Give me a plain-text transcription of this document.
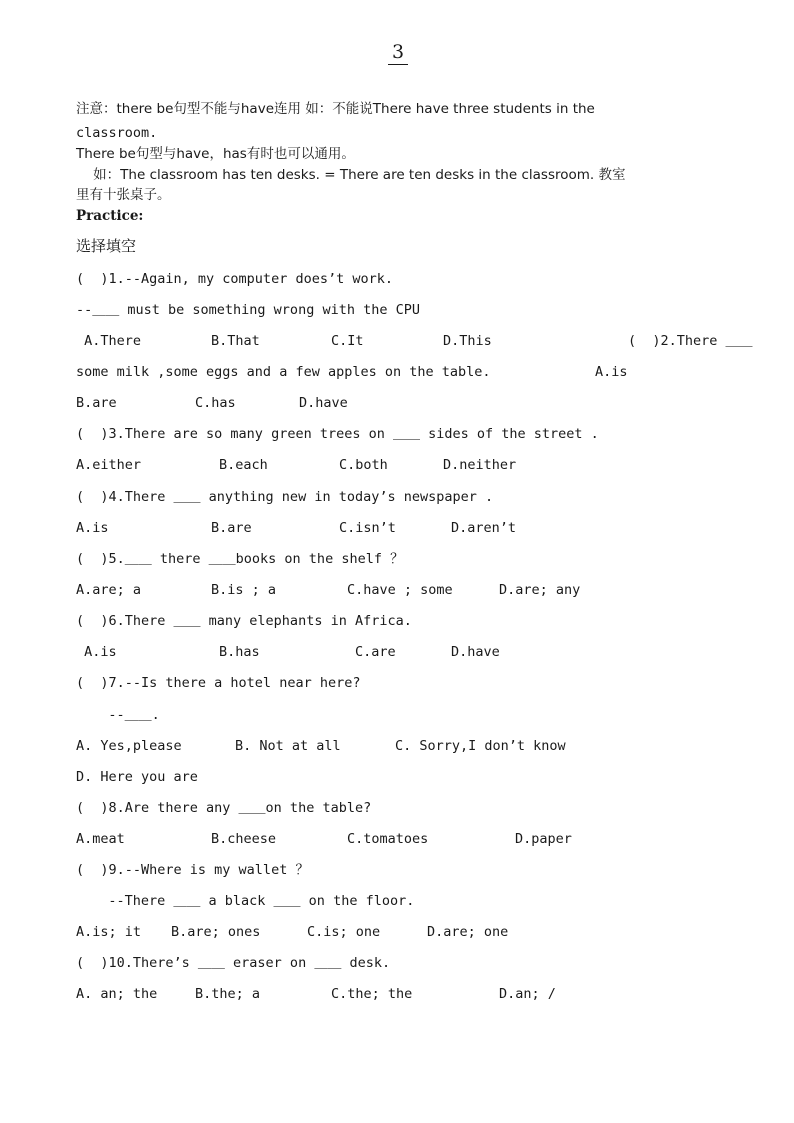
3
注意：there be句型不能与have连用 如：不能说There have three students in the
classroom.
There be句型与have，has有时也可以通用。
如：The classroom has ten desks. = There are ten desks in the classroom. 教室
里有十张桌子。
Practice:
选择填空
(  )1.--Again, my computer does’t work.
--＿＿ must be something wrong with the CPU
A.There	B.That	C.It	D.This	(  )2.There ＿＿
some milk ,some eggs and a few apples on the table.	A.is
B.are	C.has	D.have
(  )3.There are so many green trees on ＿＿ sides of the street .
A.either	B.each	C.both	D.neither
(  )4.There ＿＿ anything new in today’s newspaper .
A.is	B.are	C.isn’t	D.aren’t
(  )5.＿＿ there ＿＿books on the shelf ？
A.are; a	B.is ; a	C.have ; some	D.are; any
(  )6.There ＿＿ many elephants in Africa.
A.is	B.has	C.are	D.have
(  )7.--Is there a hotel near here?
--＿＿.
A. Yes,please	B. Not at all	C. Sorry,I don’t know
D. Here you are
(  )8.Are there any ＿＿on the table?
A.meat	B.cheese	C.tomatoes	D.paper
(  )9.--Where is my wallet ？
--There ＿＿ a black ＿＿ on the floor.
A.is; it B.are; ones	C.is; one	D.are; one
(  )10.There’s ＿＿ eraser on ＿＿ desk.
A. an; the	B.the; a	C.the; the	D.an; /
